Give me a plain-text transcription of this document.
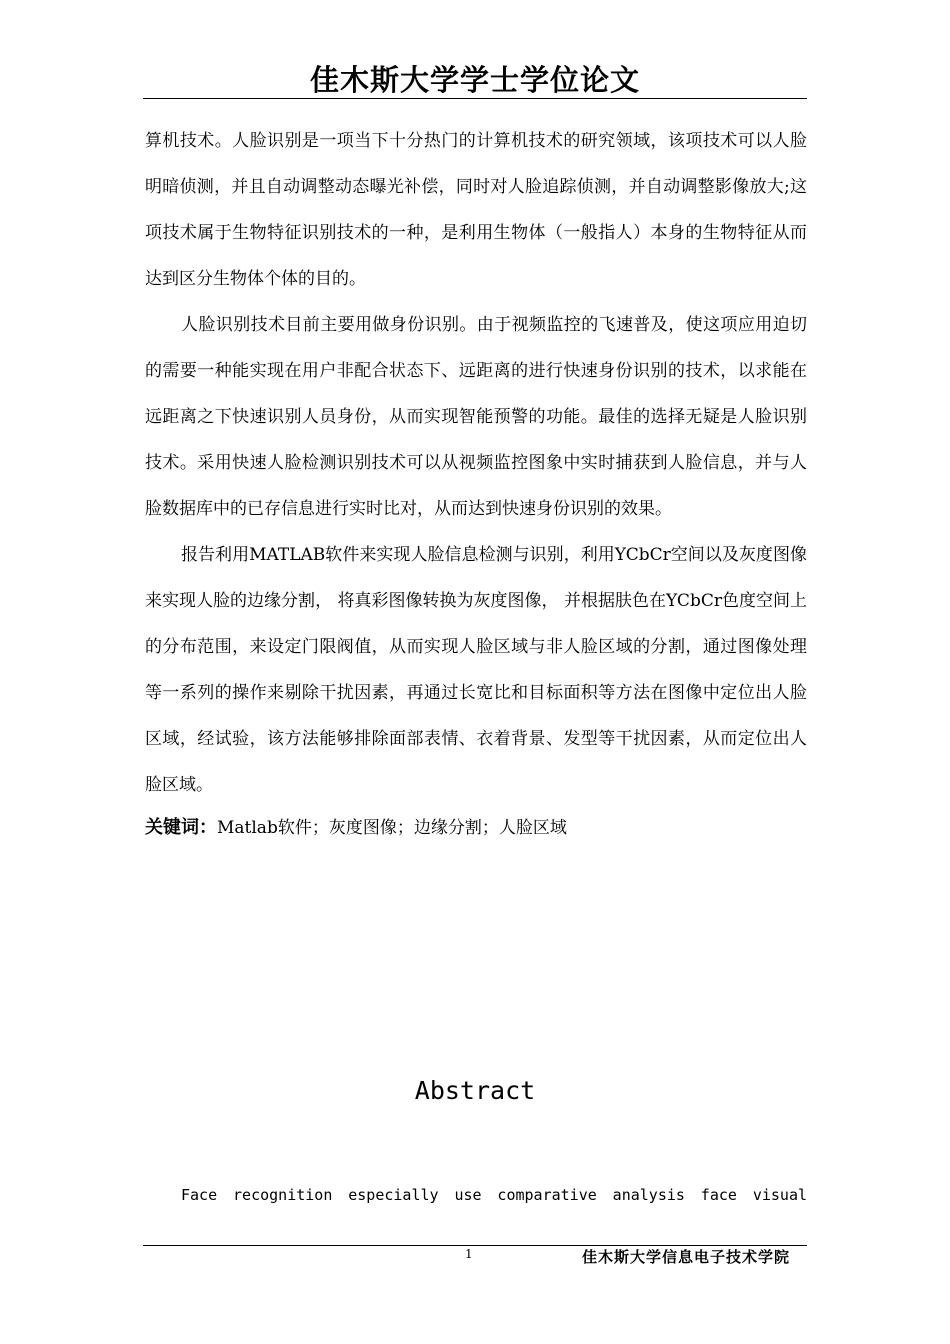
佳木斯大学学士学位论文

算机技术。人脸识别是一项当下十分热门的计算机技术的研究领域，该项技术可以人脸明暗侦测，并且自动调整动态曝光补偿，同时对人脸追踪侦测，并自动调整影像放大;这项技术属于生物特征识别技术的一种，是利用生物体（一般指人）本身的生物特征从而达到区分生物体个体的目的。

人脸识别技术目前主要用做身份识别。由于视频监控的飞速普及，使这项应用迫切的需要一种能实现在用户非配合状态下、远距离的进行快速身份识别的技术，以求能在远距离之下快速识别人员身份，从而实现智能预警的功能。最佳的选择无疑是人脸识别技术。采用快速人脸检测识别技术可以从视频监控图象中实时捕获到人脸信息，并与人脸数据库中的已存信息进行实时比对，从而达到快速身份识别的效果。

报告利用MATLAB软件来实现人脸信息检测与识别，利用YCbCr空间以及灰度图像来实现人脸的边缘分割， 将真彩图像转换为灰度图像， 并根据肤色在YCbCr色度空间上的分布范围，来设定门限阀值，从而实现人脸区域与非人脸区域的分割，通过图像处理等一系列的操作来剔除干扰因素，再通过长宽比和目标面积等方法在图像中定位出人脸区域，经试验，该方法能够排除面部表情、衣着背景、发型等干扰因素，从而定位出人脸区域。

关键词：Matlab软件；灰度图像；边缘分割；人脸区域

Abstract
Face recognition especially use comparative analysis face visual
1	佳木斯大学信息电子技术学院
